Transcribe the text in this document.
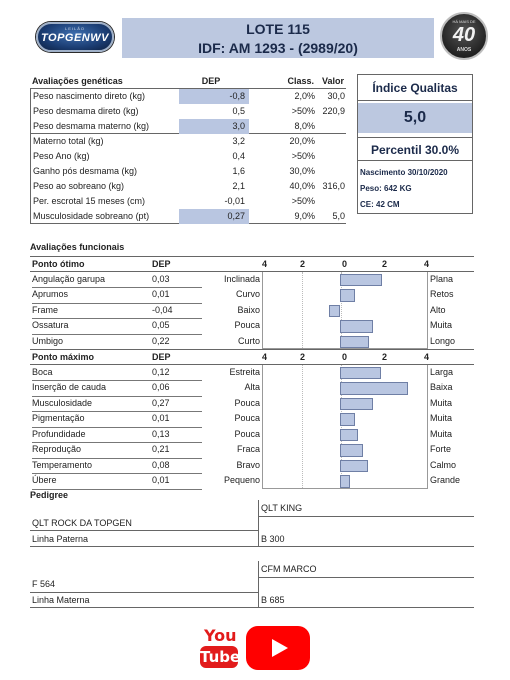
LEILÃO
TOPGENWV
LOTE 115
IDF: AM 1293 - (2989/20)
HÁ MAIS DE
40
ANOS
Avaliações genéticas	DEP	Class. Valor
Peso nascimento direto (kg)	-0,8	2,0%	30,0
Peso desmama direto (kg)	0,5	>50% 220,9
Peso desmama materno (kg)	3,0	8,0%
Materno total (kg)	3,2	20,0%
Peso Ano (kg)	0,4	>50%
Ganho pós desmama (kg)	1,6	30,0%
Peso ao sobreano (kg)	2,1	40,0% 316,0
Per. escrotal 15 meses (cm)	-0,01	>50%
Musculosidade sobreano (pt)	0,27	9,0%	5,0
Índice Qualitas
5,0
Percentil 30.0%
Nascimento 30/10/2020
Peso: 642 KG
CE: 42 CM
Avaliações funcionais
Ponto ótimo	DEP	4	2	0	2	4
Angulação garupa	0,03	Inclinada	Plana
Aprumos	0,01	Curvo	Retos
Frame	-0,04	Baixo	Alto
Ossatura	0,05	Pouca	Muita
Umbigo	0,22	Curto	Longo
Ponto máximo	DEP	4	2	0	2	4
Boca	0,12	Estreita	Larga
Inserção de cauda	0,06	Alta	Baixa
Musculosidade	0,27	Pouca	Muita
Pigmentação	0,01	Pouca	Muita
Profundidade	0,13	Pouca	Muita
Reprodução	0,21	Fraca	Forte
Temperamento	0,08	Bravo	Calmo
Úbere	0,01	Pequeno	Grande
Pedigree
QLT KING
QLT ROCK DA TOPGEN
Linha Paterna	B 300
CFM MARCO
F 564
Linha Materna	B 685
You
Tube
